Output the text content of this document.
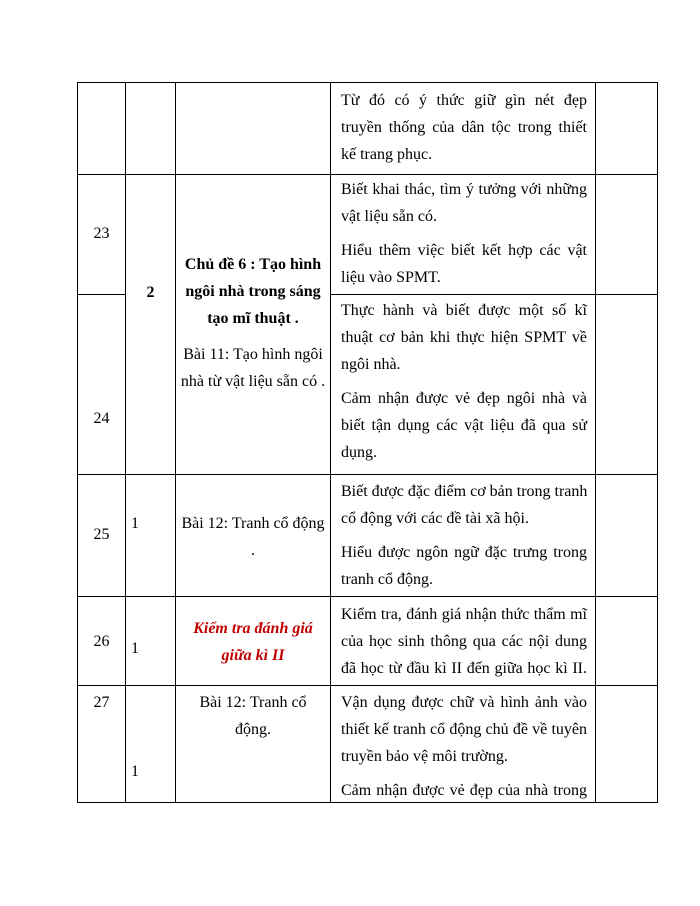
Từ đó có ý thức giữ gìn nét đẹp
truyền thống của dân tộc trong thiết
kế trang phục.
23
24
2
Chủ đề 6 : Tạo hình
ngôi nhà trong sáng
tạo mĩ thuật .
Bài 11: Tạo hình ngôi
nhà từ vật liệu sẵn có .
Biết khai thác, tìm ý tưởng với những
vật liệu sẵn có.
Hiểu thêm việc biết kết hợp các vật
liệu vào SPMT.
Thực hành và biết được một số kĩ
thuật cơ bản khi thực hiện SPMT về
ngôi nhà.
Cảm nhận được vẻ đẹp ngôi nhà và
biết tận dụng các vật liệu đã qua sử
dụng.
25
1	Bài 12: Tranh cổ động
.
Biết được đặc điểm cơ bản trong tranh
cổ động với các đề tài xã hội.
Hiểu được ngôn ngữ đặc trưng trong
tranh cổ động.
26	1
Kiểm tra đánh giá
giữa kì II
Kiểm tra, đánh giá nhận thức thẩm mĩ
của học sinh thông qua các nội dung
đã học từ đầu kì II đến giữa học kì II.
27
1
Bài 12: Tranh cổ
động.
Vận dụng được chữ và hình ảnh vào
thiết kế tranh cổ động chủ đề về tuyên
truyền bảo vệ môi trường.
Cảm nhận được vẻ đẹp của nhà trong
